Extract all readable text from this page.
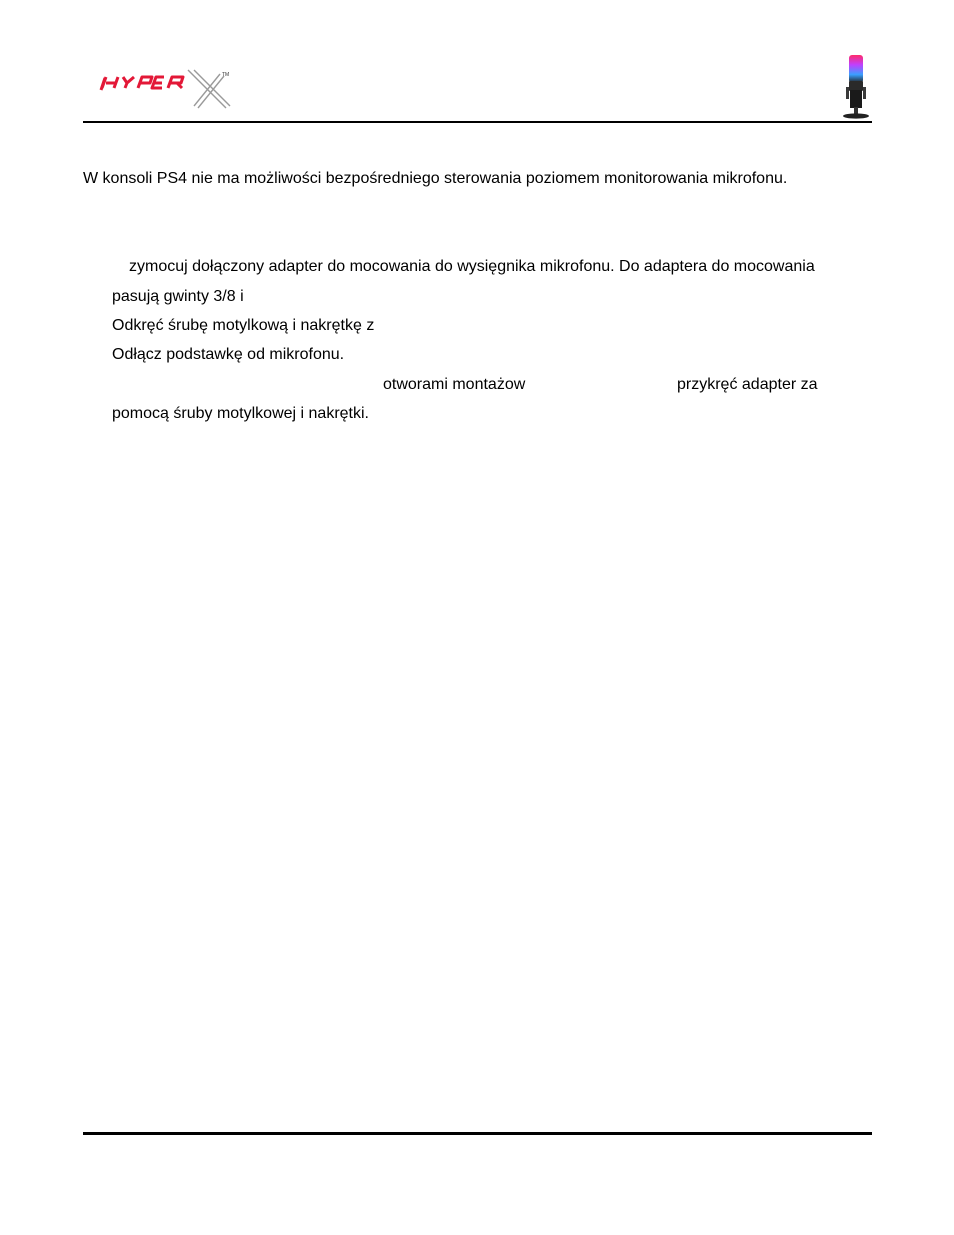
TM
W konsoli PS4 nie ma możliwości bezpośredniego sterowania poziomem monitorowania mikrofonu.
zymocuj dołączony adapter do mocowania do wysięgnika mikrofonu. Do adaptera do mocowania
pasują gwinty 3/8 i
Odkręć śrubę motylkową i nakrętkę z
Odłącz podstawkę od mikrofonu.
otworami montażow	przykręć adapter za
pomocą śruby motylkowej i nakrętki.
